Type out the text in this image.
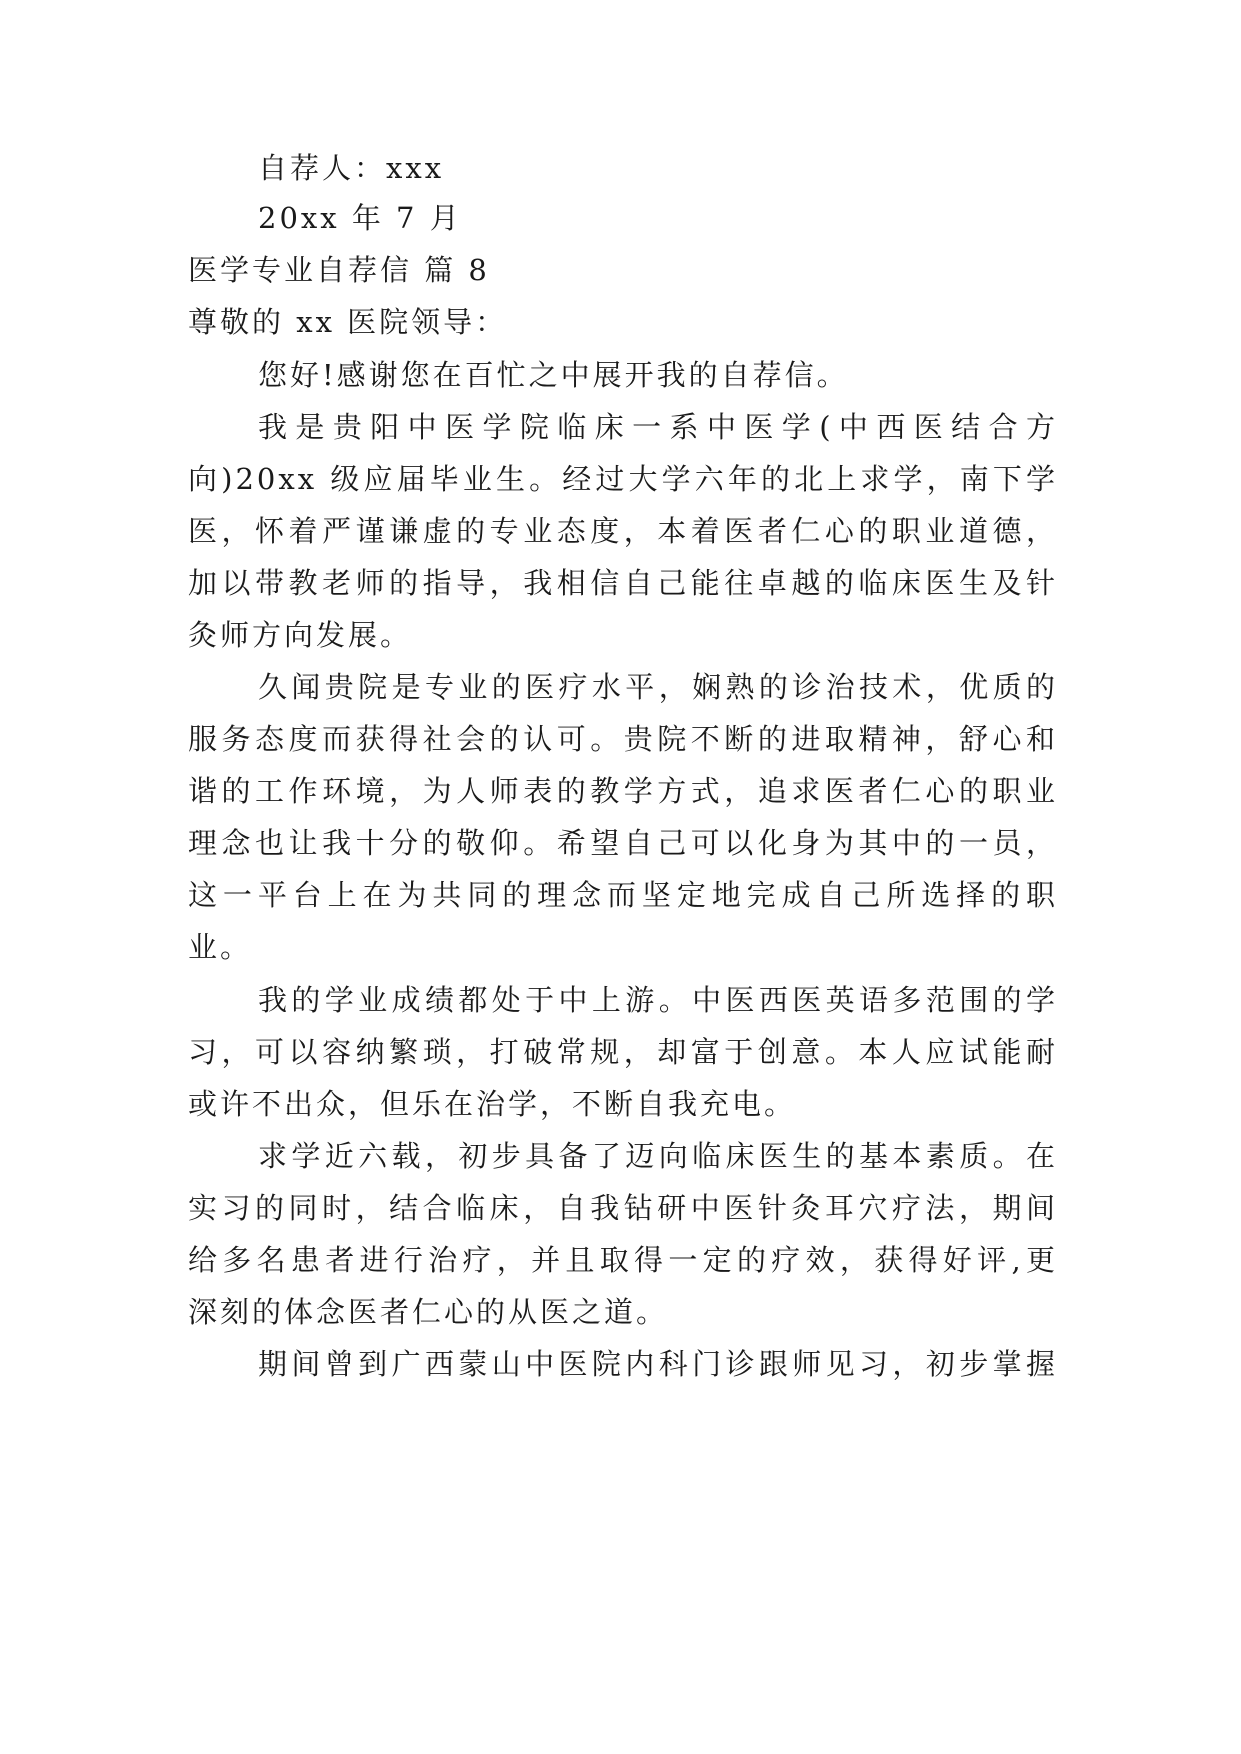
自荐人：xxx
20xx 年 7 月
医学专业自荐信 篇 8
尊敬的 xx 医院领导：
您好!感谢您在百忙之中展开我的自荐信。
我是贵阳中医学院临床一系中医学(中西医结合方
向)20xx 级应届毕业生。经过大学六年的北上求学，南下学
医，怀着严谨谦虚的专业态度，本着医者仁心的职业道德，
加以带教老师的指导，我相信自己能往卓越的临床医生及针
灸师方向发展。
久闻贵院是专业的医疗水平，娴熟的诊治技术，优质的
服务态度而获得社会的认可。贵院不断的进取精神，舒心和
谐的工作环境，为人师表的教学方式，追求医者仁心的职业
理念也让我十分的敬仰。希望自己可以化身为其中的一员，
这一平台上在为共同的理念而坚定地完成自己所选择的职
业。
我的学业成绩都处于中上游。中医西医英语多范围的学
习，可以容纳繁琐，打破常规，却富于创意。本人应试能耐
或许不出众，但乐在治学，不断自我充电。
求学近六载，初步具备了迈向临床医生的基本素质。在
实习的同时，结合临床，自我钻研中医针灸耳穴疗法，期间
给多名患者进行治疗，并且取得一定的疗效，获得好评,更
深刻的体念医者仁心的从医之道。
期间曾到广西蒙山中医院内科门诊跟师见习，初步掌握
